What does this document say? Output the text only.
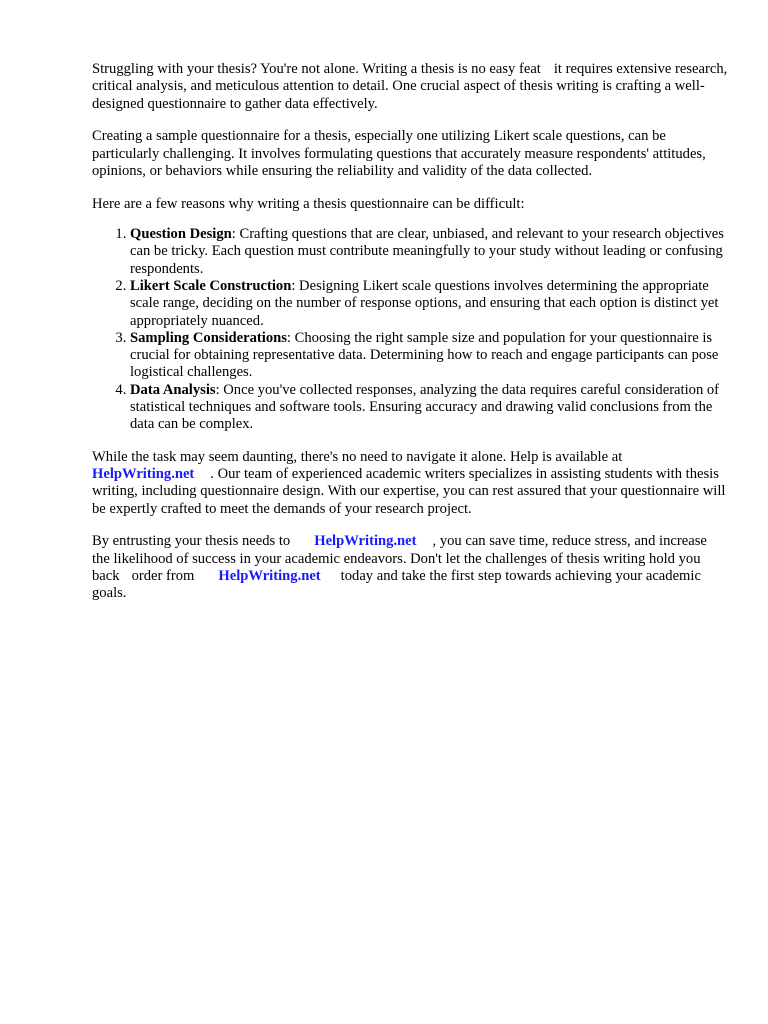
Struggling with your thesis? You're not alone. Writing a thesis is no easy feat it requires extensive research, critical analysis, and meticulous attention to detail. One crucial aspect of thesis writing is crafting a well-designed questionnaire to gather data effectively.

Creating a sample questionnaire for a thesis, especially one utilizing Likert scale questions, can be particularly challenging. It involves formulating questions that accurately measure respondents' attitudes, opinions, or behaviors while ensuring the reliability and validity of the data collected.

Here are a few reasons why writing a thesis questionnaire can be difficult:

1. Question Design: Crafting questions that are clear, unbiased, and relevant to your research objectives can be tricky. Each question must contribute meaningfully to your study without leading or confusing respondents.
2. Likert Scale Construction: Designing Likert scale questions involves determining the appropriate scale range, deciding on the number of response options, and ensuring that each option is distinct yet appropriately nuanced.
3. Sampling Considerations: Choosing the right sample size and population for your questionnaire is crucial for obtaining representative data. Determining how to reach and engage participants can pose logistical challenges.
4. Data Analysis: Once you've collected responses, analyzing the data requires careful consideration of statistical techniques and software tools. Ensuring accuracy and drawing valid conclusions from the data can be complex.

While the task may seem daunting, there's no need to navigate it alone. Help is available at HelpWriting.net . Our team of experienced academic writers specializes in assisting students with thesis writing, including questionnaire design. With our expertise, you can rest assured that your questionnaire will be expertly crafted to meet the demands of your research project.

By entrusting your thesis needs to HelpWriting.net , you can save time, reduce stress, and increase the likelihood of success in your academic endeavors. Don't let the challenges of thesis writing hold you back order from HelpWriting.net today and take the first step towards achieving your academic goals.
